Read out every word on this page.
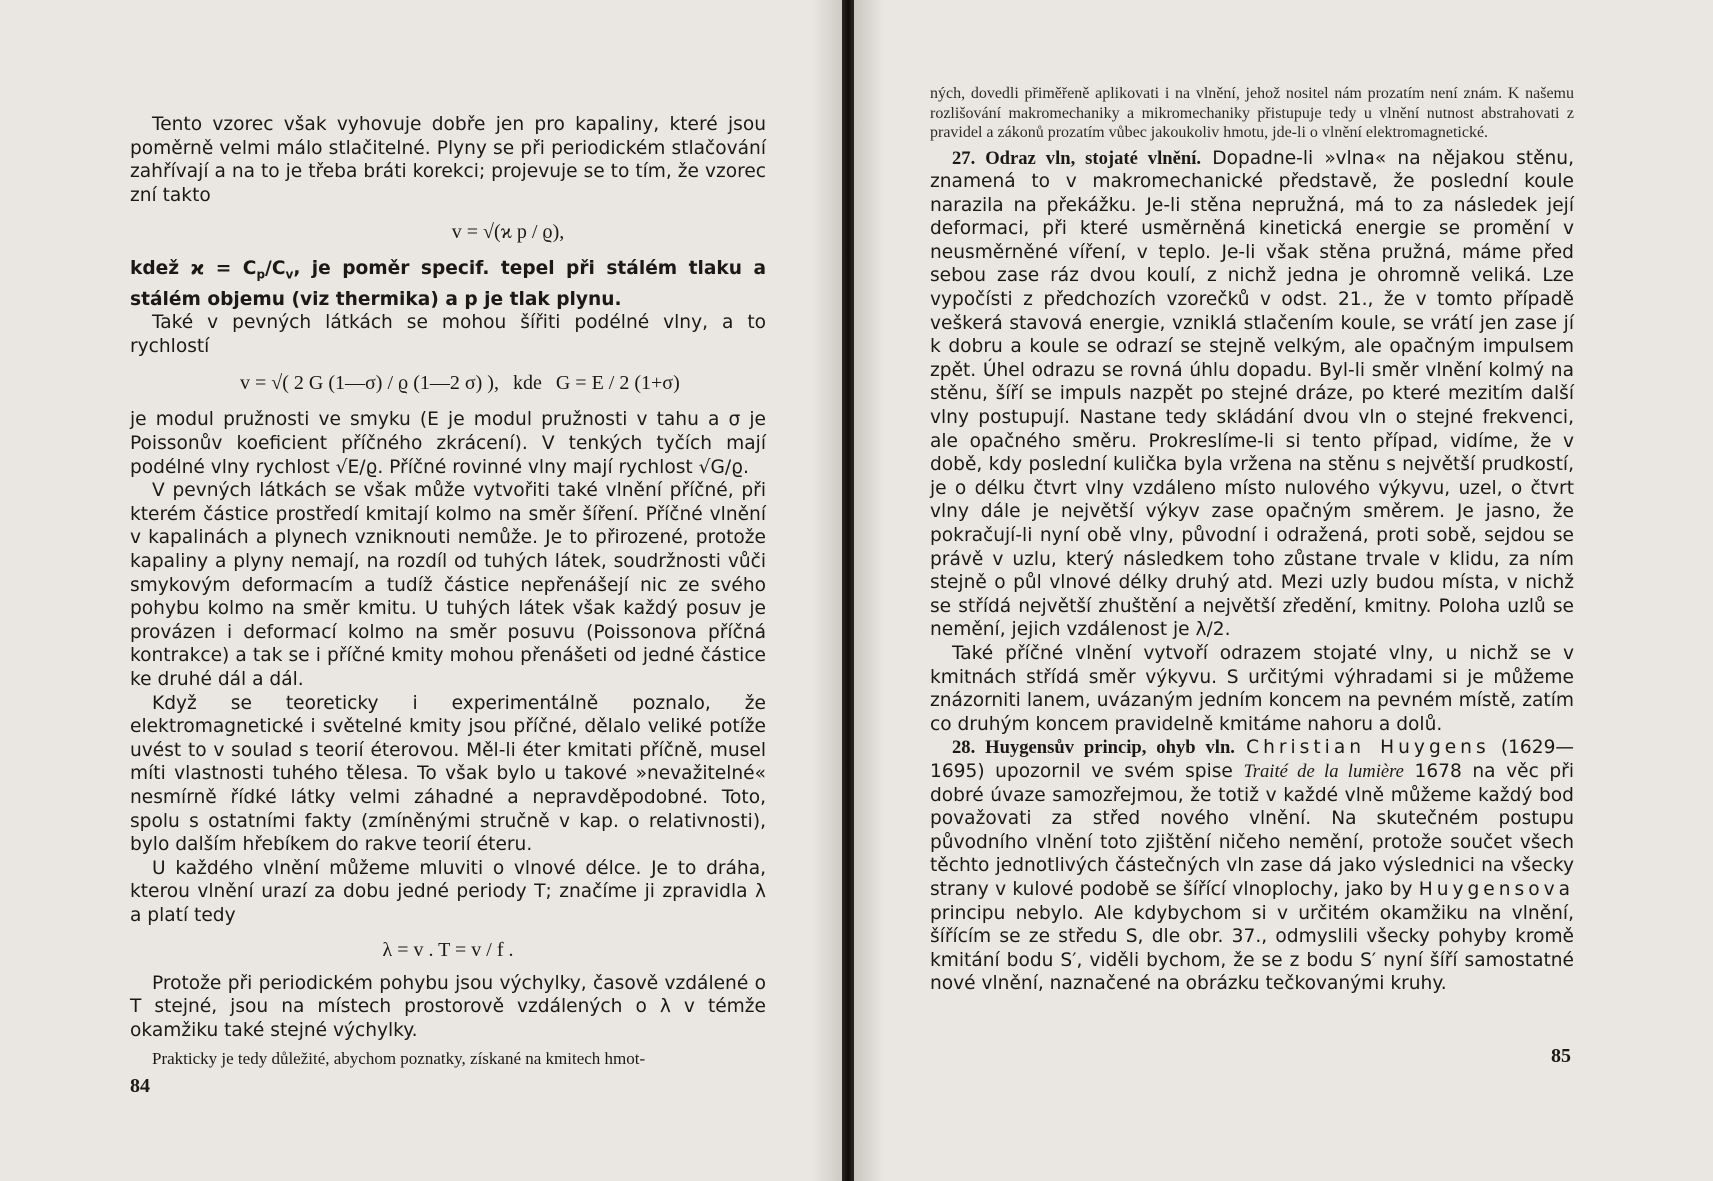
Tento vzorec však vyhovuje dobře jen pro kapaliny, které jsou poměrně velmi málo stlačitelné. Plyny se při periodickém stlačování zahřívají a na to je třeba bráti korekci; projevuje se to tím, že vzorec zní takto

v = √(ϰ p / ϱ),

kdež $ϰ = C_p/C_v$, je poměr specif. tepel při stálém tlaku a stálém objemu (viz thermika) a p je tlak plynu.

Také v pevných látkách se mohou šířiti podélné vlny, a to rychlostí

v = √( 2 G (1—σ) / ϱ (1—2 σ) ), kde G = E / 2 (1+σ)

je modul pružnosti ve smyku (E je modul pružnosti v tahu a σ je Poissonův koeficient příčného zkrácení). V tenkých tyčích mají podélné vlny rychlost √E/ϱ. Příčné rovinné vlny mají rychlost √G/ϱ.

V pevných látkách se však může vytvořiti také vlnění příčné, při kterém částice prostředí kmitají kolmo na směr šíření. Příčné vlnění v kapalinách a plynech vzniknouti nemůže. Je to přirozené, protože kapaliny a plyny nemají, na rozdíl od tuhých látek, soudržnosti vůči smykovým deformacím a tudíž částice nepřenášejí nic ze svého pohybu kolmo na směr kmitu. U tuhých látek však každý posuv je provázen i deformací kolmo na směr posuvu (Poissonova příčná kontrakce) a tak se i příčné kmity mohou přenášeti od jedné částice ke druhé dál a dál.

Když se teoreticky i experimentálně poznalo, že elektromagnetické i světelné kmity jsou příčné, dělalo veliké potíže uvést to v soulad s teorií éterovou. Měl-li éter kmitati příčně, musel míti vlastnosti tuhého tělesa. To však bylo u takové »nevažitelné« nesmírně řídké látky velmi záhadné a nepravděpodobné. Toto, spolu s ostatními fakty (zmíněnými stručně v kap. o relativnosti), bylo dalším hřebíkem do rakve teorií éteru.

U každého vlnění můžeme mluviti o vlnové délce. Je to dráha, kterou vlnění urazí za dobu jedné periody T; značíme ji zpravidla λ a platí tedy

λ = v . T = v / f .

Protože při periodickém pohybu jsou výchylky, časově vzdálené o T stejné, jsou na místech prostorově vzdálených o λ v témže okamžiku také stejné výchylky.

Prakticky je tedy důležité, abychom poznatky, získané na kmitech hmot-

84

ných, dovedli přiměřeně aplikovati i na vlnění, jehož nositel nám prozatím není znám. K našemu rozlišování makromechaniky a mikromechaniky přistupuje tedy u vlnění nutnost abstrahovati z pravidel a zákonů prozatím vůbec jakoukoliv hmotu, jde-li o vlnění elektromagnetické.

27. Odraz vln, stojaté vlnění. Dopadne-li »vlna« na nějakou stěnu, znamená to v makromechanické představě, že poslední koule narazila na překážku. Je-li stěna nepružná, má to za následek její deformaci, při které usměrněná kinetická energie se promění v neusměrněné víření, v teplo. Je-li však stěna pružná, máme před sebou zase ráz dvou koulí, z nichž jedna je ohromně veliká. Lze vypočísti z předchozích vzorečků v odst. 21., že v tomto případě veškerá stavová energie, vzniklá stlačením koule, se vrátí jen zase jí k dobru a koule se odrazí se stejně velkým, ale opačným impulsem zpět. Úhel odrazu se rovná úhlu dopadu. Byl-li směr vlnění kolmý na stěnu, šíří se impuls nazpět po stejné dráze, po které mezitím další vlny postupují. Nastane tedy skládání dvou vln o stejné frekvenci, ale opačného směru. Prokreslíme-li si tento případ, vidíme, že v době, kdy poslední kulička byla vržena na stěnu s největší prudkostí, je o délku čtvrt vlny vzdáleno místo nulového výkyvu, uzel, o čtvrt vlny dále je největší výkyv zase opačným směrem. Je jasno, že pokračují-li nyní obě vlny, původní i odražená, proti sobě, sejdou se právě v uzlu, který následkem toho zůstane trvale v klidu, za ním stejně o půl vlnové délky druhý atd. Mezi uzly budou místa, v nichž se střídá největší zhuštění a největší zředění, kmitny. Poloha uzlů se nemění, jejich vzdálenost je λ/2.

Také příčné vlnění vytvoří odrazem stojaté vlny, u nichž se v kmitnách střídá směr výkyvu. S určitými výhradami si je můžeme znázorniti lanem, uvázaným jedním koncem na pevném místě, zatím co druhým koncem pravidelně kmitáme nahoru a dolů.

28. Huygensův princip, ohyb vln. Christian Huygens (1629—1695) upozornil ve svém spise Traité de la lumière 1678 na věc při dobré úvaze samozřejmou, že totiž v každé vlně můžeme každý bod považovati za střed nového vlnění. Na skutečném postupu původního vlnění toto zjištění ničeho nemění, protože součet všech těchto jednotlivých částečných vln zase dá jako výslednici na všecky strany v kulové podobě se šířící vlnoplochy, jako by Huygensova principu nebylo. Ale kdybychom si v určitém okamžiku na vlnění, šířícím se ze středu S, dle obr. 37., odmyslili všecky pohyby kromě kmitání bodu S′, viděli bychom, že se z bodu S′ nyní šíří samostatné nové vlnění, naznačené na obrázku tečkovanými kruhy.

85
